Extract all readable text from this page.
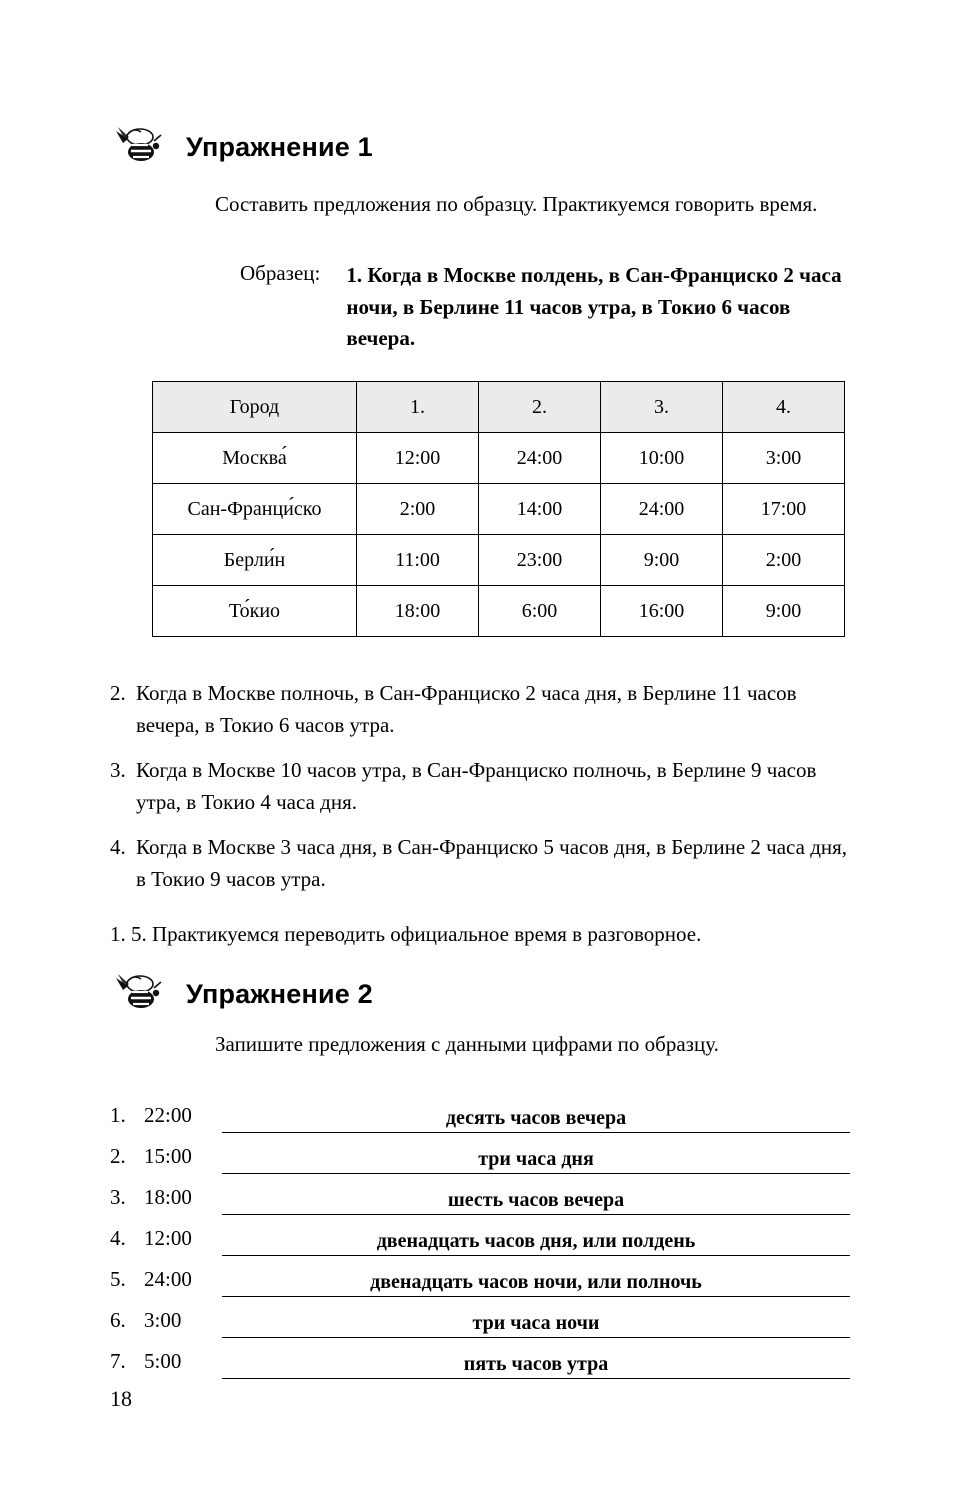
Упражнение 1

Составить предложения по образцу. Практикуемся говорить время.

Образец: 1. Когда в Москве полдень, в Сан-Франциско 2 часа ночи, в Берлине 11 часов утра, в Токио 6 часов вечера.
Город	1.	2.	3.	4.
Москва́	12:00	24:00	10:00	3:00
Сан-Франци́ско	2:00	14:00	24:00	17:00
Берли́н	11:00	23:00	9:00	2:00
То́кио	18:00	6:00	16:00	9:00
2. Когда в Москве полночь, в Сан-Франциско 2 часа дня, в Берлине 11 часов вечера, в Токио 6 часов утра.
3. Когда в Москве 10 часов утра, в Сан-Франциско полночь, в Берлине 9 часов утра, в Токио 4 часа дня.
4. Когда в Москве 3 часа дня, в Сан-Франциско 5 часов дня, в Берлине 2 часа дня, в Токио 9 часов утра.

1. 5. Практикуемся переводить официальное время в разговорное.

Упражнение 2

Запишите предложения с данными цифрами по образцу.

1. 22:00	десять часов вечера
2. 15:00	три часа дня
3. 18:00	шесть часов вечера
4. 12:00	двенадцать часов дня, или полдень
5. 24:00	двенадцать часов ночи, или полночь
6. 3:00	три часа ночи
7. 5:00	пять часов утра
18
